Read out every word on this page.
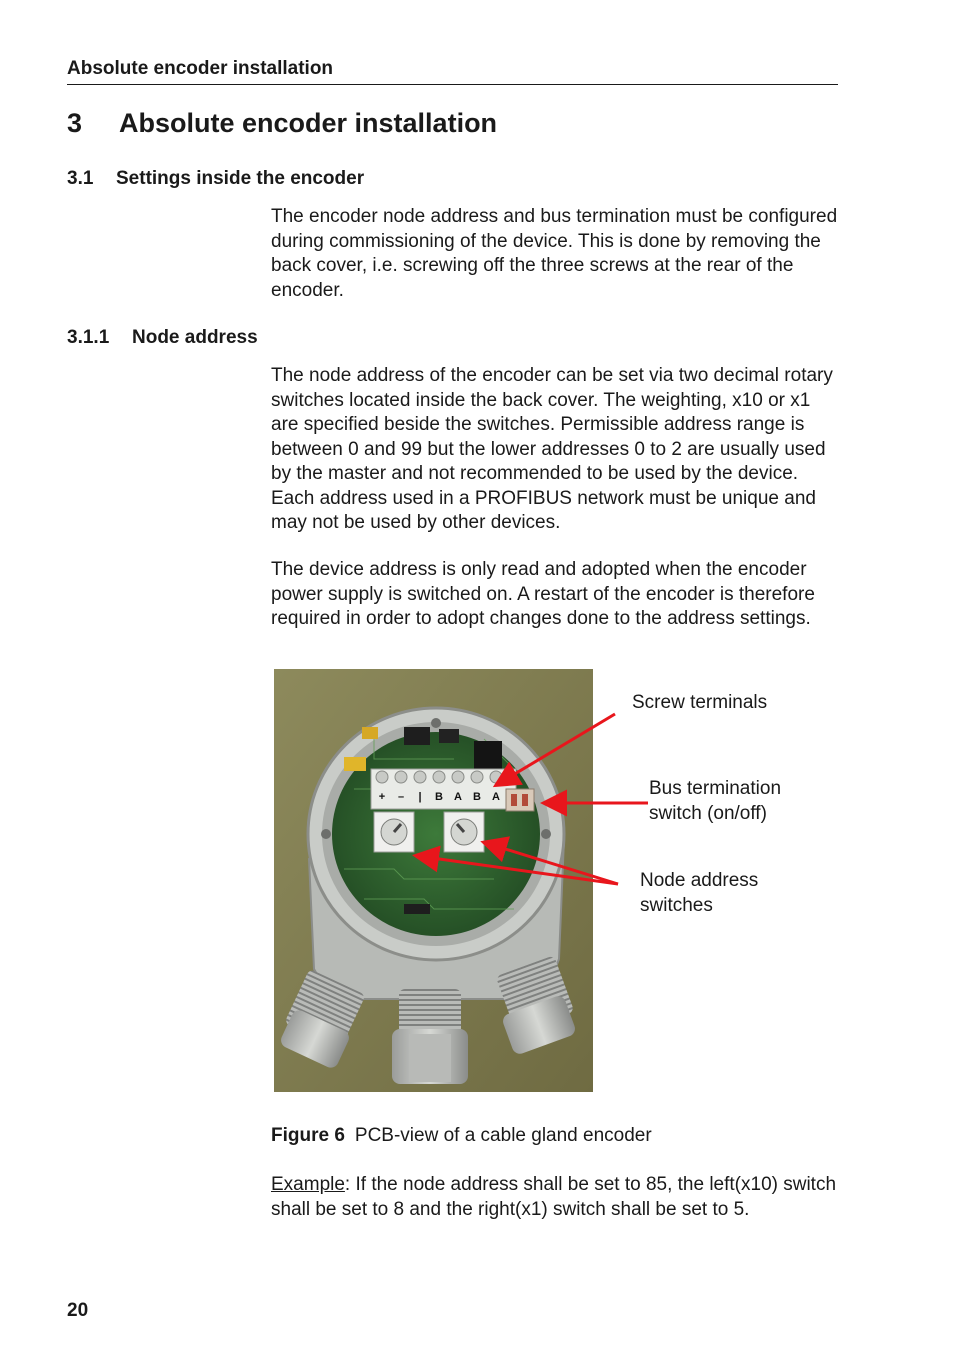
Absolute encoder installation
3 Absolute encoder installation
3.1 Settings inside the encoder

The encoder node address and bus termination must be configured during commissioning of the device. This is done by removing the back cover, i.e. screwing off the three screws at the rear of the encoder.

3.1.1 Node address

The node address of the encoder can be set via two decimal rotary switches located inside the back cover. The weighting, x10 or x1 are specified beside the switches. Permissible address range is between 0 and 99 but the lower addresses 0 to 2 are usually used by the master and not recommended to be used by the device. Each address used in a PROFIBUS network must be unique and may not be used by other devices.

The device address is only read and adopted when the encoder power supply is switched on. A restart of the encoder is therefore required in order to adopt changes done to the address settings.

+ – | B A B A
Screw terminals
Bus termination
switch (on/off)
Node address
switches
Figure 6 PCB-view of a cable gland encoder

Example: If the node address shall be set to 85, the left(x10) switch shall be set to 8 and the right(x1) switch shall be set to 5.

20
